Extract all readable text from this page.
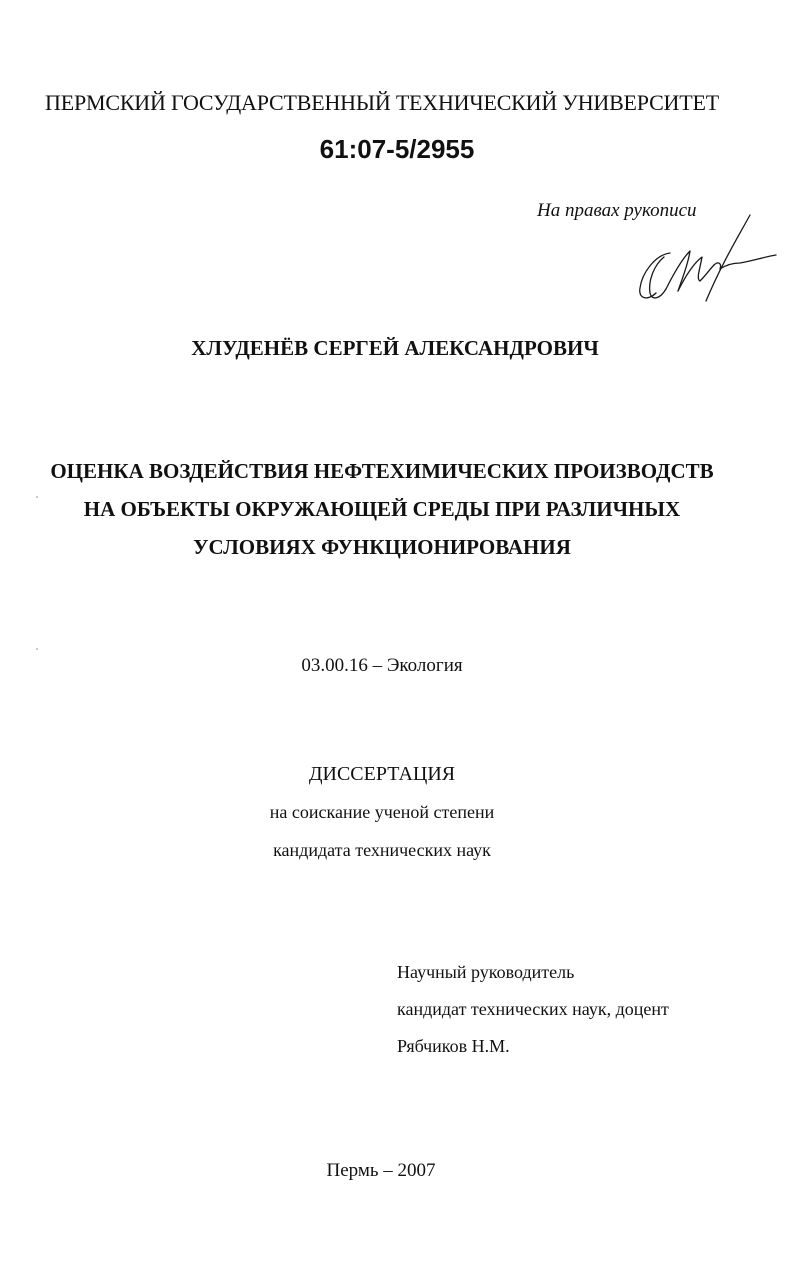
ПЕРМСКИЙ ГОСУДАРСТВЕННЫЙ ТЕХНИЧЕСКИЙ УНИВЕРСИТЕТ
61:07-5/2955
На правах рукописи
ХЛУДЕНЁВ СЕРГЕЙ АЛЕКСАНДРОВИЧ
ОЦЕНКА ВОЗДЕЙСТВИЯ НЕФТЕХИМИЧЕСКИХ ПРОИЗВОДСТВ
НА ОБЪЕКТЫ ОКРУЖАЮЩЕЙ СРЕДЫ ПРИ РАЗЛИЧНЫХ
УСЛОВИЯХ ФУНКЦИОНИРОВАНИЯ
03.00.16 – Экология
ДИССЕРТАЦИЯ
на соискание ученой степени
кандидата технических наук
Научный руководитель
кандидат технических наук, доцент
Рябчиков Н.М.
Пермь – 2007
